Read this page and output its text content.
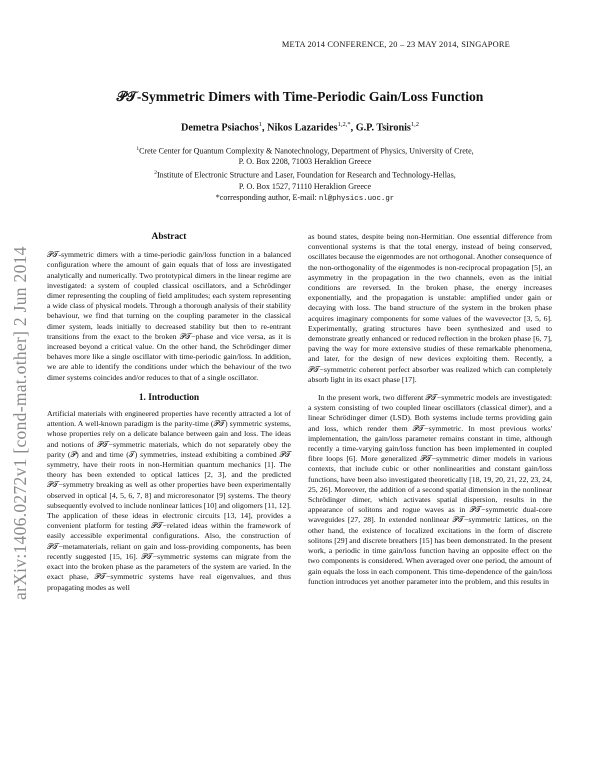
META 2014 CONFERENCE, 20 – 23 MAY 2014, SINGAPORE
arXiv:1406.0272v1 [cond-mat.other] 2 Jun 2014
𝒫𝒯-Symmetric Dimers with Time-Periodic Gain/Loss Function
Demetra Psiachos$^1$, Nikos Lazarides$^{1,2,*}$, G.P. Tsironis$^{1,2}$
$^1$Crete Center for Quantum Complexity & Nanotechnology, Department of Physics, University of Crete,
P. O. Box 2208, 71003 Heraklion Greece
$^2$Institute of Electronic Structure and Laser, Foundation for Research and Technology-Hellas,
P. O. Box 1527, 71110 Heraklion Greece
*corresponding author, E-mail: nl@physics.uoc.gr
Abstract

𝒫𝒯-symmetric dimers with a time-periodic gain/loss function in a balanced configuration where the amount of gain equals that of loss are investigated analytically and numerically. Two prototypical dimers in the linear regime are investigated: a system of coupled classical oscillators, and a Schrödinger dimer representing the coupling of field amplitudes; each system representing a wide class of physical models. Through a thorough analysis of their stability behaviour, we find that turning on the coupling parameter in the classical dimer system, leads initially to decreased stability but then to re-entrant transitions from the exact to the broken 𝒫𝒯−phase and vice versa, as it is increased beyond a critical value. On the other hand, the Schrödinger dimer behaves more like a single oscillator with time-periodic gain/loss. In addition, we are able to identify the conditions under which the behaviour of the two dimer systems coincides and/or reduces to that of a single oscillator.

1. Introduction

Artificial materials with engineered properties have recently attracted a lot of attention. A well-known paradigm is the parity-time (𝒫𝒯) symmetric systems, whose properties rely on a delicate balance between gain and loss. The ideas and notions of 𝒫𝒯−symmetric materials, which do not separately obey the parity (𝒫) and and time (𝒯) symmetries, instead exhibiting a combined 𝒫𝒯 symmetry, have their roots in non-Hermitian quantum mechanics [1]. The theory has been extended to optical lattices [2, 3], and the predicted 𝒫𝒯−symmetry breaking as well as other properties have been experimentally observed in optical [4, 5, 6, 7, 8] and microresonator [9] systems. The theory subsequently evolved to include nonlinear lattices [10] and oligomers [11, 12]. The application of these ideas in electronic circuits [13, 14], provides a convenient platform for testing 𝒫𝒯−related ideas within the framework of easily accessible experimental configurations. Also, the construction of 𝒫𝒯−metamaterials, reliant on gain and loss-providing components, has been recently suggested [15, 16]. 𝒫𝒯−symmetric systems can migrate from the exact into the broken phase as the parameters of the system are varied. In the exact phase, 𝒫𝒯−symmetric systems have real eigenvalues, and thus propagating modes as well

as bound states, despite being non-Hermitian. One essential difference from conventional systems is that the total energy, instead of being conserved, oscillates because the eigenmodes are not orthogonal. Another consequence of the non-orthogonality of the eigenmodes is non-reciprocal propagation [5], an asymmetry in the propagation in the two channels, even as the initial conditions are reversed. In the broken phase, the energy increases exponentially, and the propagation is unstable: amplified under gain or decaying with loss. The band structure of the system in the broken phase acquires imaginary components for some values of the wavevector [3, 5, 6]. Experimentally, grating structures have been synthesized and used to demonstrate greatly enhanced or reduced reflection in the broken phase [6, 7], paving the way for more extensive studies of these remarkable phenomena, and later, for the design of new devices exploiting them. Recently, a 𝒫𝒯−symmetric coherent perfect absorber was realized which can completely absorb light in its exact phase [17].

In the present work, two different 𝒫𝒯−symmetric models are investigated: a system consisting of two coupled linear oscillators (classical dimer), and a linear Schrödinger dimer (LSD). Both systems include terms providing gain and loss, which render them 𝒫𝒯−symmetric. In most previous works' implementation, the gain/loss parameter remains constant in time, although recently a time-varying gain/loss function has been implemented in coupled fibre loops [6]. More generalized 𝒫𝒯−symmetric dimer models in various contexts, that include cubic or other nonlinearities and constant gain/loss functions, have been also investigated theoretically [18, 19, 20, 21, 22, 23, 24, 25, 26]. Moreover, the addition of a second spatial dimension in the nonlinear Schrödinger dimer, which activates spatial dispersion, results in the appearance of solitons and rogue waves as in 𝒫𝒯−symmetric dual-core waveguides [27, 28]. In extended nonlinear 𝒫𝒯−symmetric lattices, on the other hand, the existence of localized excitations in the form of discrete solitons [29] and discrete breathers [15] has been demonstrated. In the present work, a periodic in time gain/loss function having an opposite effect on the two components is considered. When averaged over one period, the amount of gain equals the loss in each component. This time-dependence of the gain/loss function introduces yet another parameter into the problem, and this results in
